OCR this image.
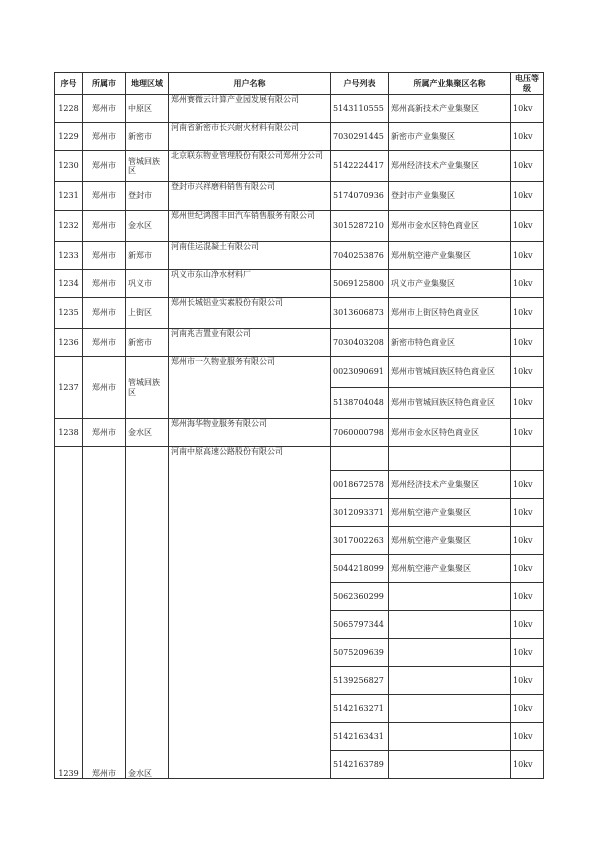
序号	所属市	地理区域	用户名称	户号列表	所属产业集聚区名称	电压等级
1228	郑州市	中原区	郑州赛微云计算产业园发展有限公司	5143110555	郑州高新技术产业集聚区	10kv
1229	郑州市	新密市	河南省新密市长兴耐火材料有限公司	7030291445	新密市产业集聚区	10kv
1230	郑州市	管城回族区	北京联东物业管理股份有限公司郑州分公司	5142224417	郑州经济技术产业集聚区	10kv
1231	郑州市	登封市	登封市兴祥磨料销售有限公司	5174070936	登封市产业集聚区	10kv
1232	郑州市	金水区	郑州世纪鸿图丰田汽车销售服务有限公司	3015287210	郑州市金水区特色商业区	10kv
1233	郑州市	新郑市	河南佳运混凝土有限公司	7040253876	郑州航空港产业集聚区	10kv
1234	郑州市	巩义市	巩义市东山净水材料厂	5069125800	巩义市产业集聚区	10kv
1235	郑州市	上街区	郑州长城铝业实素股份有限公司	3013606873	郑州市上街区特色商业区	10kv
1236	郑州市	新密市	河南兆吉置业有限公司	7030403208	新密市特色商业区	10kv
1237	郑州市	管城回族区	郑州市一久物业服务有限公司	0023090691	郑州市管城回族区特色商业区	10kv
				5138704048	郑州市管城回族区特色商业区	10kv
1238	郑州市	金水区	郑州海华物业服务有限公司	7060000798	郑州市金水区特色商业区	10kv
1239	郑州市	金水区	河南中原高速公路股份有限公司			
				0018672578	郑州经济技术产业集聚区	10kv
				3012093371	郑州航空港产业集聚区	10kv
				3017002263	郑州航空港产业集聚区	10kv
				5044218099	郑州航空港产业集聚区	10kv
				5062360299		10kv
				5065797344		10kv
				5075209639		10kv
				5139256827		10kv
				5142163271		10kv
				5142163431		10kv
				5142163789		10kv
